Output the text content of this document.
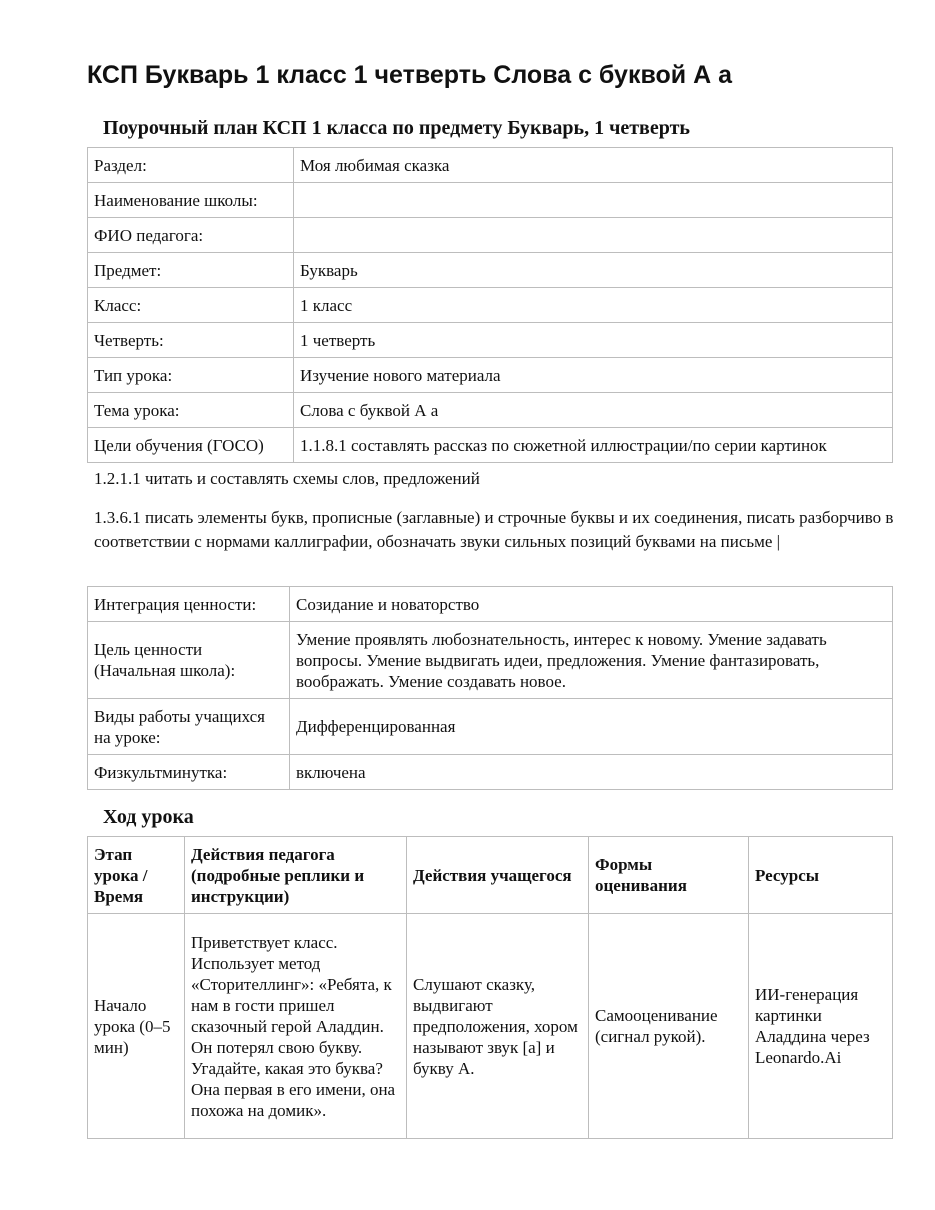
КСП Букварь 1 класс 1 четверть Слова с буквой А а
Поурочный план КСП 1 класса по предмету Букварь, 1 четверть
Раздел:	Моя любимая сказка
Наименование школы:	
ФИО педагога:	
Предмет:	Букварь
Класс:	1 класс
Четверть:	1 четверть
Тип урока:	Изучение нового материала
Тема урока:	Слова с буквой А а
Цели обучения (ГОСО)	1.1.8.1 составлять рассказ по сюжетной иллюстрации/по серии картинок

1.2.1.1 читать и составлять схемы слов, предложений

1.3.6.1 писать элементы букв, прописные (заглавные) и строчные буквы и их соединения, писать разборчиво в соответствии с нормами каллиграфии, обозначать звуки сильных позиций буквами на письме |

Интеграция ценности:	Созидание и новаторство
Цель ценности (Начальная школа):	Умение проявлять любознательность, интерес к новому. Умение задавать вопросы. Умение выдвигать идеи, предложения. Умение фантазировать, воображать. Умение создавать новое.
Виды работы учащихся на уроке:	Дифференцированная
Физкультминутка:	включена
Ход урока
Этап урока / Время	Действия педагога (подробные реплики и инструкции)	Действия учащегося	Формы оценивания	Ресурсы
Начало урока (0–5 мин)	Приветствует класс. Использует метод «Сторителлинг»: «Ребята, к нам в гости пришел сказочный герой Аладдин. Он потерял свою букву. Угадайте, какая это буква? Она первая в его имени, она похожа на домик».	Слушают сказку, выдвигают предположения, хором называют звук [а] и букву А.	Самооценивание (сигнал рукой).	ИИ-генерация картинки Аладдина через Leonardo.Ai
